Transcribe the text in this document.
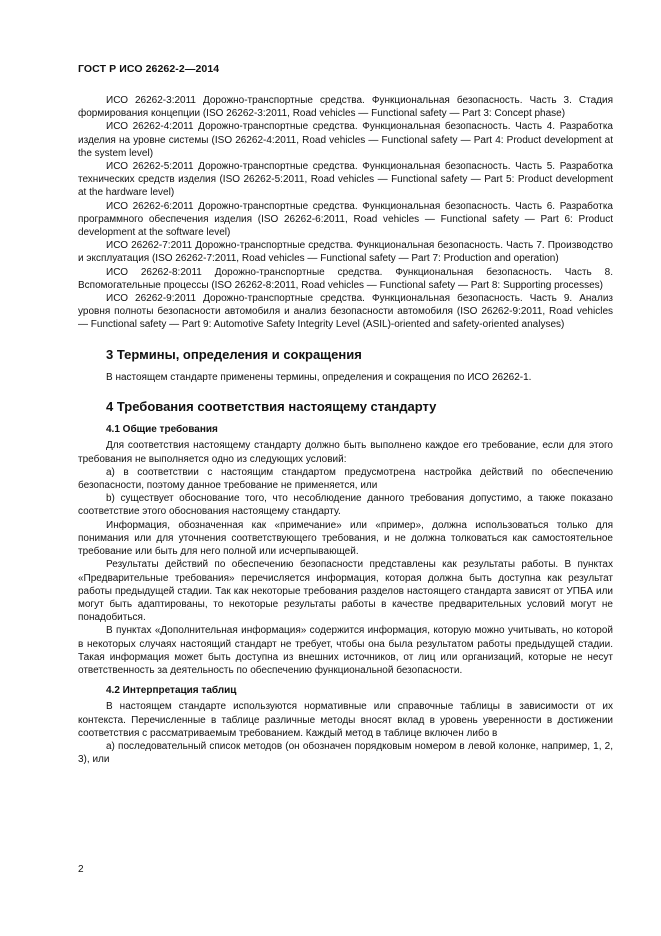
ГОСТ Р ИСО 26262-2—2014

ИСО 26262-3:2011 Дорожно-транспортные средства. Функциональная безопасность. Часть 3. Стадия формирования концепции (ISO 26262-3:2011, Road vehicles — Functional safety — Part 3: Concept phase)

ИСО 26262-4:2011 Дорожно-транспортные средства. Функциональная безопасность. Часть 4. Разработка изделия на уровне системы (ISO 26262-4:2011, Road vehicles — Functional safety — Part 4: Product development at the system level)

ИСО 26262-5:2011 Дорожно-транспортные средства. Функциональная безопасность. Часть 5. Разработка технических средств изделия (ISO 26262-5:2011, Road vehicles — Functional safety — Part 5: Product development at the hardware level)

ИСО 26262-6:2011 Дорожно-транспортные средства. Функциональная безопасность. Часть 6. Разработка программного обеспечения изделия (ISO 26262-6:2011, Road vehicles — Functional safety — Part 6: Product development at the software level)

ИСО 26262-7:2011 Дорожно-транспортные средства. Функциональная безопасность. Часть 7. Производство и эксплуатация (ISO 26262-7:2011, Road vehicles — Functional safety — Part 7: Production and operation)

ИСО 26262-8:2011 Дорожно-транспортные средства. Функциональная безопасность. Часть 8. Вспомогательные процессы (ISO 26262-8:2011, Road vehicles — Functional safety — Part 8: Supporting processes)

ИСО 26262-9:2011 Дорожно-транспортные средства. Функциональная безопасность. Часть 9. Анализ уровня полноты безопасности автомобиля и анализ безопасности автомобиля (ISO 26262-9:2011, Road vehicles — Functional safety — Part 9: Automotive Safety Integrity Level (ASIL)-oriented and safety-oriented analyses)

3 Термины, определения и сокращения

В настоящем стандарте применены термины, определения и сокращения по ИСО 26262-1.

4 Требования соответствия настоящему стандарту
4.1 Общие требования

Для соответствия настоящему стандарту должно быть выполнено каждое его требование, если для этого требования не выполняется одно из следующих условий:

a) в соответствии с настоящим стандартом предусмотрена настройка действий по обеспечению безопасности, поэтому данное требование не применяется, или

b) существует обоснование того, что несоблюдение данного требования допустимо, а также показано соответствие этого обоснования настоящему стандарту.

Информация, обозначенная как «примечание» или «пример», должна использоваться только для понимания или для уточнения соответствующего требования, и не должна толковаться как самостоятельное требование или быть для него полной или исчерпывающей.

Результаты действий по обеспечению безопасности представлены как результаты работы. В пунктах «Предварительные требования» перечисляется информация, которая должна быть доступна как результат работы предыдущей стадии. Так как некоторые требования разделов настоящего стандарта зависят от УПБА или могут быть адаптированы, то некоторые результаты работы в качестве предварительных условий могут не понадобиться.

В пунктах «Дополнительная информация» содержится информация, которую можно учитывать, но которой в некоторых случаях настоящий стандарт не требует, чтобы она была результатом работы предыдущей стадии. Такая информация может быть доступна из внешних источников, от лиц или организаций, которые не несут ответственность за деятельность по обеспечению функциональной безопасности.

4.2 Интерпретация таблиц

В настоящем стандарте используются нормативные или справочные таблицы в зависимости от их контекста. Перечисленные в таблице различные методы вносят вклад в уровень уверенности в достижении соответствия с рассматриваемым требованием. Каждый метод в таблице включен либо в

a) последовательный список методов (он обозначен порядковым номером в левой колонке, например, 1, 2, 3), или

2
